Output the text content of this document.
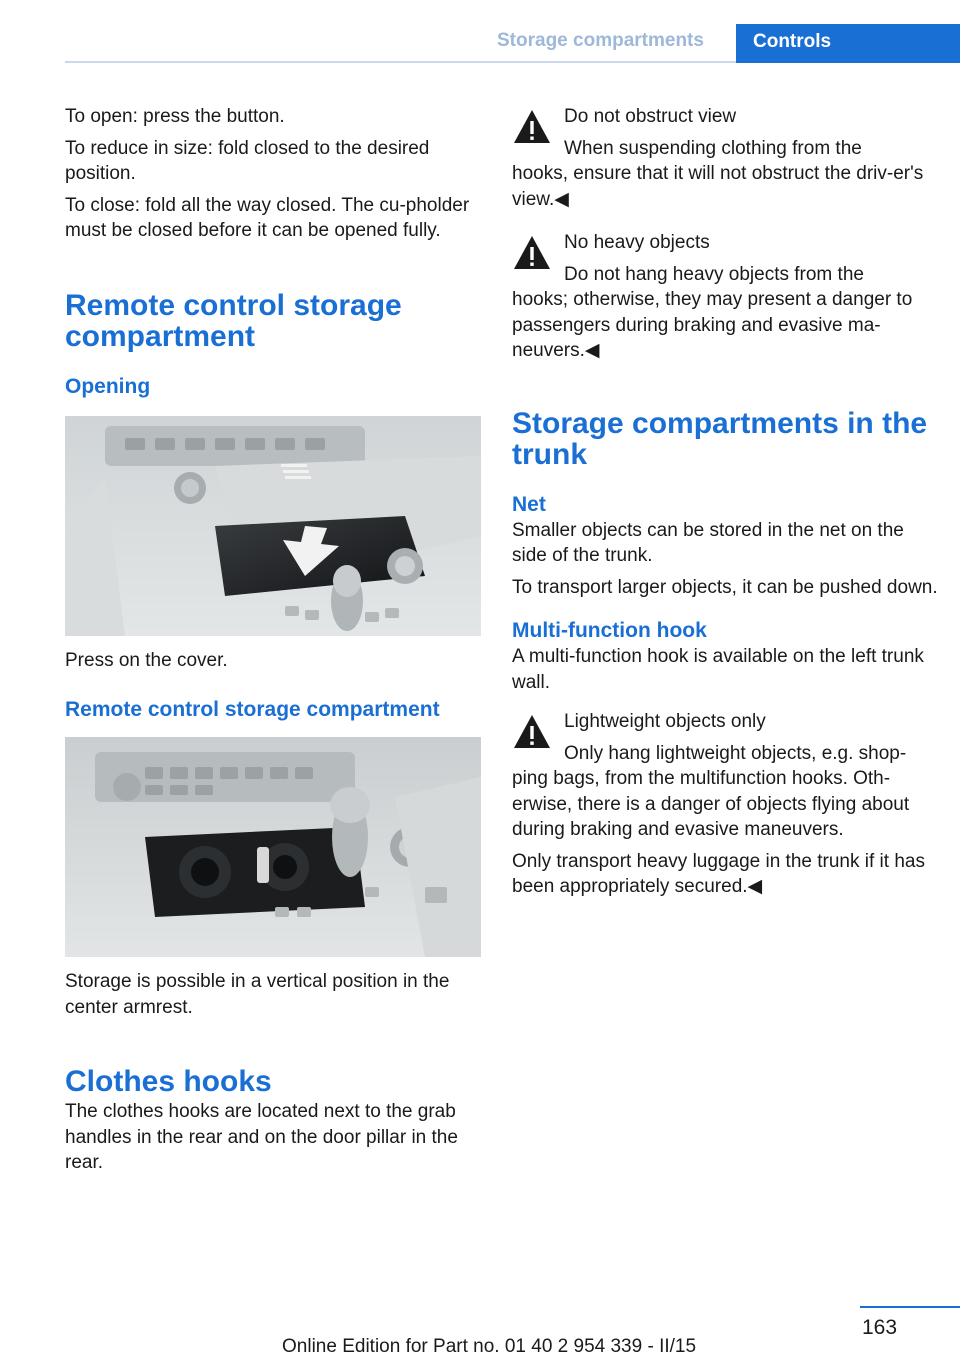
Storage compartments	Controls

To open: press the button.

To reduce in size: fold closed to the desired position.

To close: fold all the way closed. The cu‐pholder must be closed before it can be opened fully.

Remote control storage compartment
Opening

Press on the cover.

Remote control storage compartment

Storage is possible in a vertical position in the center armrest.

Clothes hooks

The clothes hooks are located next to the grab handles in the rear and on the door pillar in the rear.

Do not obstruct view

When suspending clothing from the

hooks, ensure that it will not obstruct the driv‐er's view.◀

No heavy objects

Do not hang heavy objects from the

hooks; otherwise, they may present a danger to passengers during braking and evasive ma‐neuvers.◀

Storage compartments in the trunk
Net

Smaller objects can be stored in the net on the side of the trunk.

To transport larger objects, it can be pushed down.

Multi-function hook

A multi-function hook is available on the left trunk wall.

Lightweight objects only

Only hang lightweight objects, e.g. shop‐

ping bags, from the multifunction hooks. Oth‐erwise, there is a danger of objects flying about during braking and evasive maneuvers.

Only transport heavy luggage in the trunk if it has been appropriately secured.◀

163
Online Edition for Part no. 01 40 2 954 339 - II/15
